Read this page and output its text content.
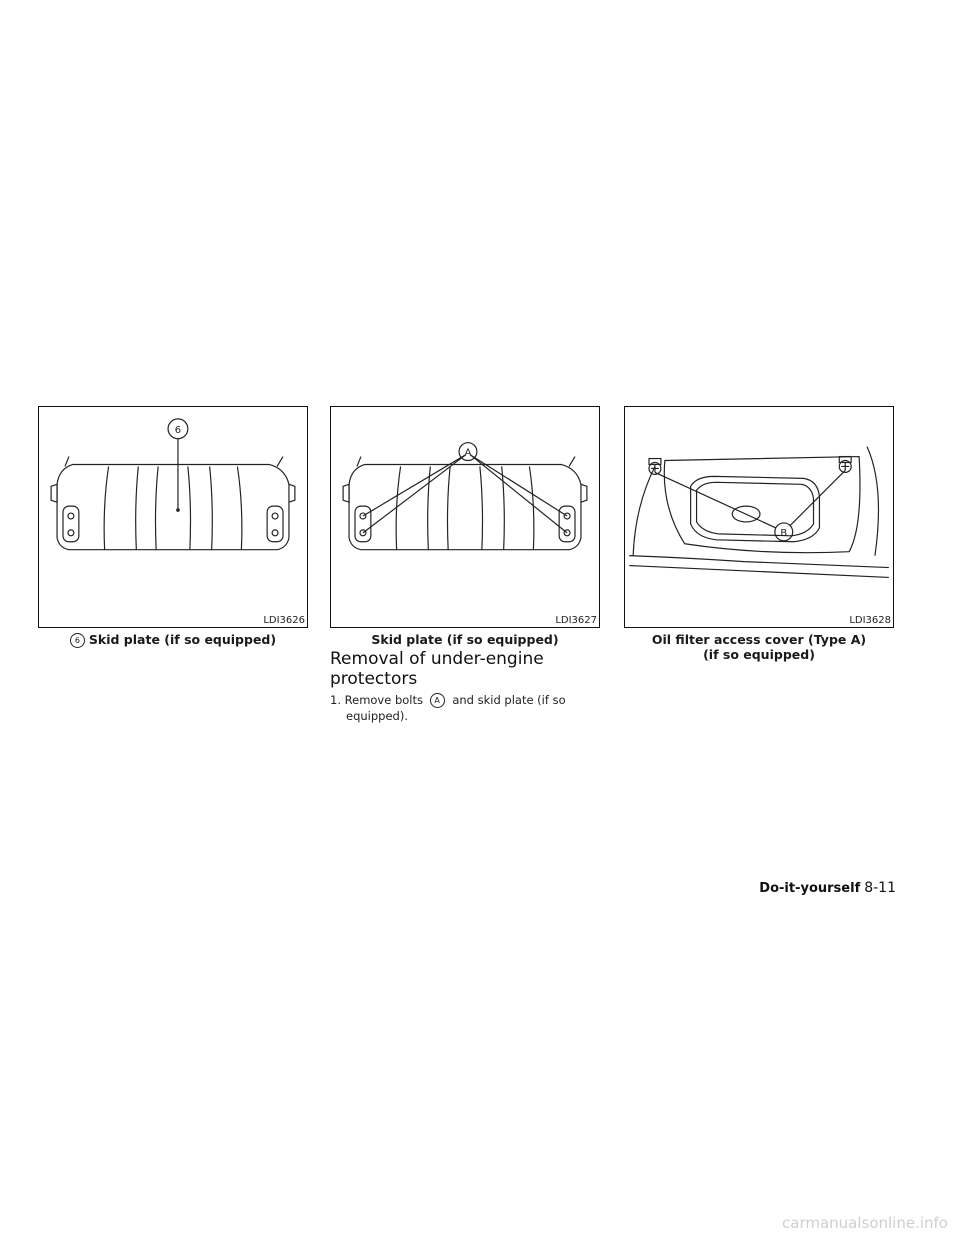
6
LDI3626
A
LDI3627
B
LDI3628
6 Skid plate (if so equipped)	Skid plate (if so equipped)	Oil filter access cover (Type A)
(if so equipped)
Removal of under-engine protectors

1. Remove bolts A and skid plate (if so
equipped).

Do-it-yourself 8-11
carmanualsonline.info
